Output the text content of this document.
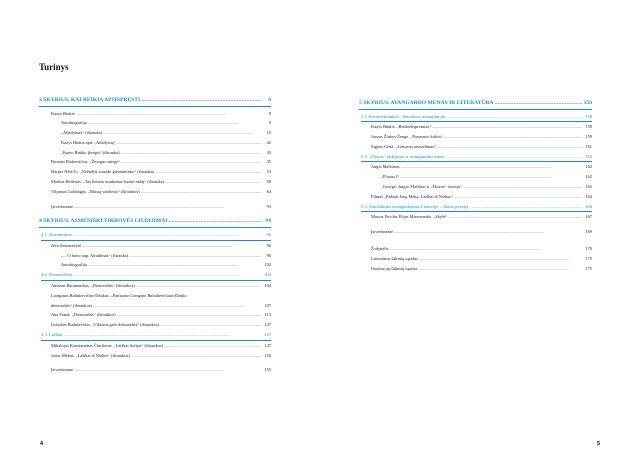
Turinys
3 SKYRIUS. KAI REIKIA APSISPRĘSTI . . .	6
Kazys Binkis . . .	8
Autobiografija . . .	9
„Atlailymas“ (ištrauka) . . .	10
Kazys Binkis apie „Atlailymą“ . . .	42
„Kazio Binkio įkvėpti“ (ištrauka) . . .	43
Bronius Radzevičius. „Žmogus sniege“ . . .	45
Harper Nelė Li. „Nežudyk strazdo giesmininko“ (ištrauka) . . .	53
Markus Heilenas. „Tas keistas nutikimas šuniui naktį“ (ištrauka) . . .	58
Viljamas Goldingas. „Musių valdovas“ (ištraukos) . . .	64
Įsivertiname . . .	93
4 SKYRIUS. ASMENIŠKI TIKROVĖS LIUDIJIMAI . . .	94
4.1. Atsiminimai . . .	96
Jeva Simonaitytė . . .	96
„... O buvo taip. Atradimas“ (ištrauka) . . .	96
Autobiografija . . .	102
4.2. Dienoraščiai . . .	104
Antanas Baranauskas. „Dienoraštis“ (ištraukos) . . .	104
Lionginas Baliukevičius-Dzūkas. „Partizano Liongino Baliukevičiaus-Dzūko
dienoraštis“ (ištraukos) . . .	107
Ana Frank. „Dienoraštis“ (ištraukos) . . .	113
Icchokas Rudaševskis. „Vilniaus geto dienoraštis“ (ištraukos) . . .	137
4.3. Laiškai . . .	147
Mikalojus Konstantinas Čiurlionis. „Laiškai Sofijai“ (ištraukos) . . .	147
Jonas Mekas. „Laiškai iš Niekur“ (ištraukos) . . .	150
Įsivertiname . . .	155
4
5 SKYRIUS. AVANGARDO MENAS IR LITERATŪRA . . .	156
5.1. Keturvėjininkai – literatūros atnaujintojai . . .	158
Kazys Binkis. „Radioekspromtas“ . . .	158
Juozas Žlabys-Žengė. „Pavasario kalvis“ . . .	159
Sigitas Geda. „Lietuvos atsiradimas“ . . .	161
5.2. „Fluxus“ judėjimas ir avangardinis kinas . . .	162
Jurgis Mačiūnas . . .	162
„Fluxus I“ . . .	162
„George: Jurgio Mačiūno ir „Fluxus“ istorija“ . . .	163
Filmas „Pažinti Joną Meką. Laiškai iš Niekur“ . . .	164
5.3. Šiuolaikinis avangardizmas Lietuvoje – slamo poezija . . .	166
Marius Povilas Elijas Martynenko. „Skylė“ . . .	167
Įsivertiname . . .	169
Žodynėlis . . .	170
Literatūros šaltinių sąrašas . . .	175
Iliustracijų šaltinių sąrašas . . .	175
5
